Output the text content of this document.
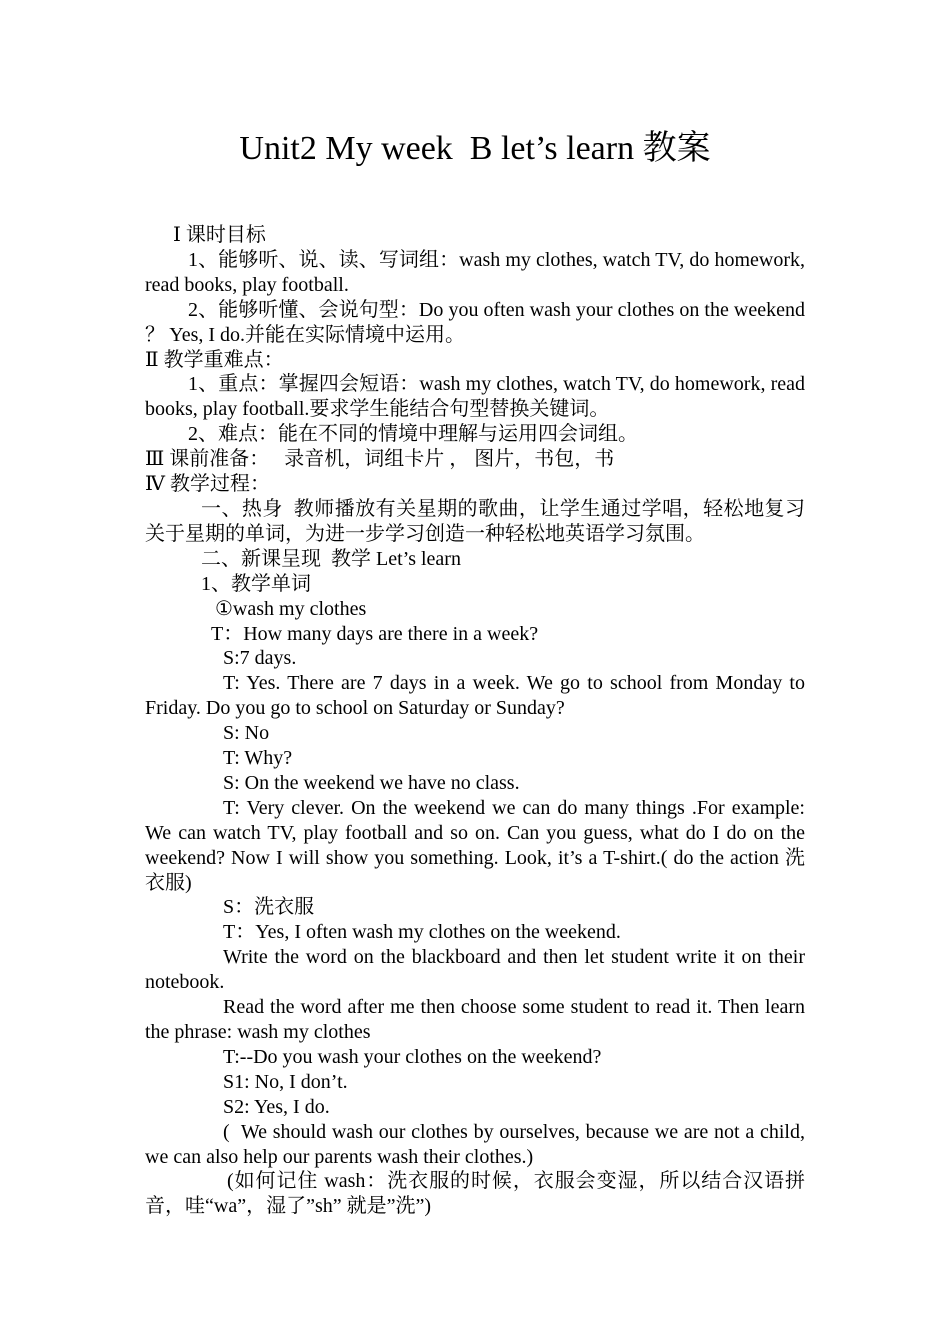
Unit2 My week  B let’s learn 教案

Ⅰ 课时目标

1、能够听、说、读、写词组：wash my clothes, watch TV, do homework, read books, play football.

2、能够听懂、会说句型：Do you often wash your clothes on the weekend ？ Yes, I do.并能在实际情境中运用。

Ⅱ 教学重难点：

1、重点：掌握四会短语：wash my clothes, watch TV, do homework, read books, play football.要求学生能结合句型替换关键词。

2、难点：能在不同的情境中理解与运用四会词组。

Ⅲ 课前准备：   录音机，词组卡片 ， 图片，书包，书

Ⅳ 教学过程：

一、热身  教师播放有关星期的歌曲，让学生通过学唱，轻松地复习关于星期的单词，为进一步学习创造一种轻松地英语学习氛围。

二、新课呈现  教学 Let’s learn

1、教学单词

①wash my clothes

T：How many days are there in a week?

S:7 days.

T: Yes. There are 7 days in a week. We go to school from Monday to Friday. Do you go to school on Saturday or Sunday?

S: No

T: Why?

S: On the weekend we have no class.

T: Very clever. On the weekend we can do many things .For example: We can watch TV, play football and so on. Can you guess, what do I do on the weekend? Now I will show you something. Look, it’s a T-shirt.( do the action 洗衣服)

S：洗衣服

T：Yes, I often wash my clothes on the weekend.

Write the word on the blackboard and then let student write it on their notebook.

Read the word after me then choose some student to read it. Then learn the phrase: wash my clothes

T:--Do you wash your clothes on the weekend?

S1: No, I don’t.

S2: Yes, I do.

(  We should wash our clothes by ourselves, because we are not a child, we can also help our parents wash their clothes.)

(如何记住 wash：洗衣服的时候，衣服会变湿，所以结合汉语拼音，哇“wa”，湿了”sh” 就是”洗”)
